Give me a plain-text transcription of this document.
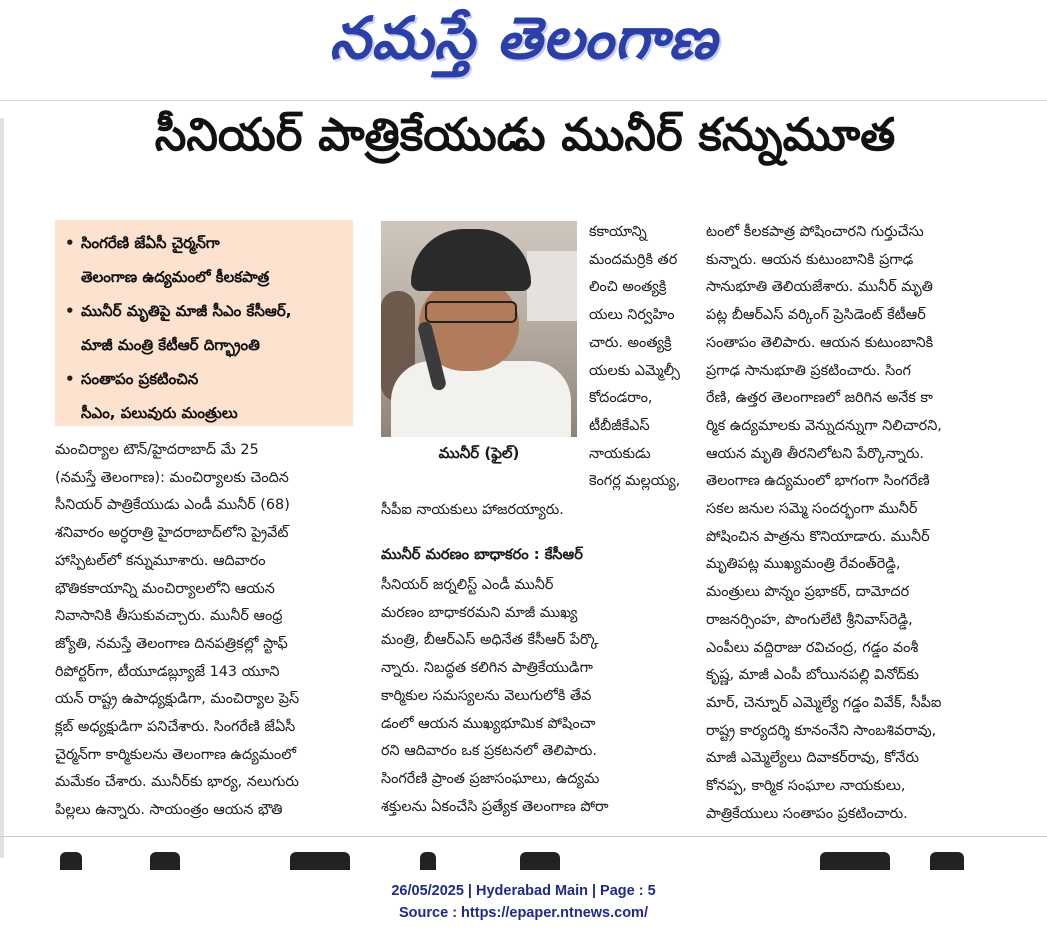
నమస్తే తెలంగాణ
సీనియర్ పాత్రికేయుడు మునీర్ కన్నుమూత
• సింగరేణి జేఏసీ చైర్మన్‌గా
తెలంగాణ ఉద్యమంలో కీలకపాత్ర
• మునీర్ మృతిపై మాజీ సీఎం కేసీఆర్,
మాజీ మంత్రి కేటీఆర్ దిగ్భ్రాంతి
• సంతాపం ప్రకటించిన
సీఎం, పలువురు మంత్రులు
మంచిర్యాల టౌన్/హైదరాబాద్ మే 25
(నమస్తే తెలంగాణ): మంచిర్యాలకు చెందిన
సీనియర్ పాత్రికేయుడు ఎండీ మునీర్ (68)
శనివారం అర్ధరాత్రి హైదరాబాద్‌లోని ప్రైవేట్
హాస్పిటల్‌లో కన్నుమూశారు. ఆదివారం
భౌతికకాయాన్ని మంచిర్యాలలోని ఆయన
నివాసానికి తీసుకువచ్చారు. మునీర్ ఆంధ్ర
జ్యోతి, నమస్తే తెలంగాణ దినపత్రికల్లో స్టాఫ్
రిపోర్టర్‌గా, టీయూడబ్ల్యూజే 143 యూని
యన్ రాష్ట్ర ఉపాధ్యక్షుడిగా, మంచిర్యాల ప్రెస్
క్లబ్ అధ్యక్షుడిగా పనిచేశారు. సింగరేణి జేఏసీ
చైర్మన్‌గా కార్మికులను తెలంగాణ ఉద్యమంలో
మమేకం చేశారు. మునీర్‌కు భార్య, నలుగురు
పిల్లలు ఉన్నారు. సాయంత్రం ఆయన భౌతి
మునీర్ (ఫైల్)
కకాయాన్ని
మందమర్రికి తర
లించి అంత్యక్రి
యలు నిర్వహిం
చారు. అంత్యక్రి
యలకు ఎమ్మెల్సీ
కోదండరాం,
టీబీజీకేఎస్
నాయకుడు
కెంగర్ల మల్లయ్య,
సీపీఐ నాయకులు హాజరయ్యారు.
మునీర్ మరణం బాధాకరం : కేసీఆర్
సీనియర్ జర్నలిస్ట్ ఎండీ మునీర్
మరణం బాధాకరమని మాజీ ముఖ్య
మంత్రి, బీఆర్ఎస్ అధినేత కేసీఆర్ పేర్కొ
న్నారు. నిబద్ధత కలిగిన పాత్రికేయుడిగా
కార్మికుల సమస్యలను వెలుగులోకి తేవ
డంలో ఆయన ముఖ్యభూమిక పోషించా
రని ఆదివారం ఒక ప్రకటనలో తెలిపారు.
సింగరేణి ప్రాంత ప్రజాసంఘాలు, ఉద్యమ
శక్తులను ఏకంచేసి ప్రత్యేక తెలంగాణ పోరా
టంలో కీలకపాత్ర పోషించారని గుర్తుచేసు
కున్నారు. ఆయన కుటుంబానికి ప్రగాఢ
సానుభూతి తెలియజేశారు. మునీర్ మృతి
పట్ల బీఆర్ఎస్ వర్కింగ్ ప్రెసిడెంట్ కేటీఆర్
సంతాపం తెలిపారు. ఆయన కుటుంబానికి
ప్రగాఢ సానుభూతి ప్రకటించారు. సింగ
రేణి, ఉత్తర తెలంగాణలో జరిగిన అనేక కా
ర్మిక ఉద్యమాలకు వెన్నుదన్నుగా నిలిచారని,
ఆయన మృతి తీరనిలోటని పేర్కొన్నారు.
తెలంగాణ ఉద్యమంలో భాగంగా సింగరేణి
సకల జనుల సమ్మె సందర్భంగా మునీర్
పోషించిన పాత్రను కొనియాడారు. మునీర్
మృతిపట్ల ముఖ్యమంత్రి రేవంత్‌రెడ్డి,
మంత్రులు పొన్నం ప్రభాకర్, దామోదర
రాజనర్సింహ, పొంగులేటి శ్రీనివాస్‌రెడ్డి,
ఎంపీలు వద్దిరాజు రవిచంద్ర, గడ్డం వంశీ
కృష్ణ, మాజీ ఎంపీ బోయినపల్లి వినోద్‌కు
మార్, చెన్నూర్ ఎమ్మెల్యే గడ్డం వివేక్, సీపీఐ
రాష్ట్ర కార్యదర్శి కూనంనేని సాంబశివరావు,
మాజీ ఎమ్మెల్యేలు దివాకర్‌రావు, కోనేరు
కోనప్ప, కార్మిక సంఘాల నాయకులు,
పాత్రికేయులు సంతాపం ప్రకటించారు.
26/05/2025 | Hyderabad Main | Page : 5
Source : https://epaper.ntnews.com/
